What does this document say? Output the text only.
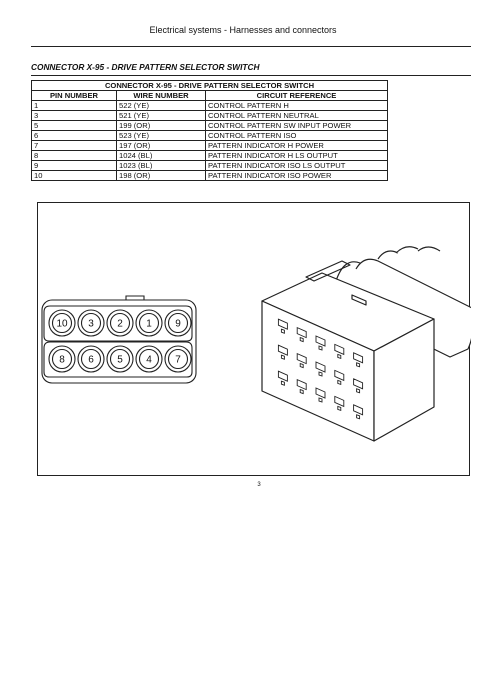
Electrical systems - Harnesses and connectors
CONNECTOR X-95 - DRIVE PATTERN SELECTOR SWITCH
CONNECTOR X-95 - DRIVE PATTERN SELECTOR SWITCH		
PIN NUMBER	WIRE NUMBER	CIRCUIT REFERENCE
1	522 (YE)	CONTROL PATTERN H
3	521 (YE)	CONTROL PATTERN NEUTRAL
5	199 (OR)	CONTROL PATTERN SW INPUT POWER
6	523 (YE)	CONTROL PATTERN ISO
7	197 (OR)	PATTERN INDICATOR H POWER
8	1024 (BL)	PATTERN INDICATOR H LS OUTPUT
9	1023 (BL)	PATTERN INDICATOR ISO LS OUTPUT
10	198 (OR)	PATTERN INDICATOR ISO POWER
10 3 2 1 9
8 6 5 4 7
3
